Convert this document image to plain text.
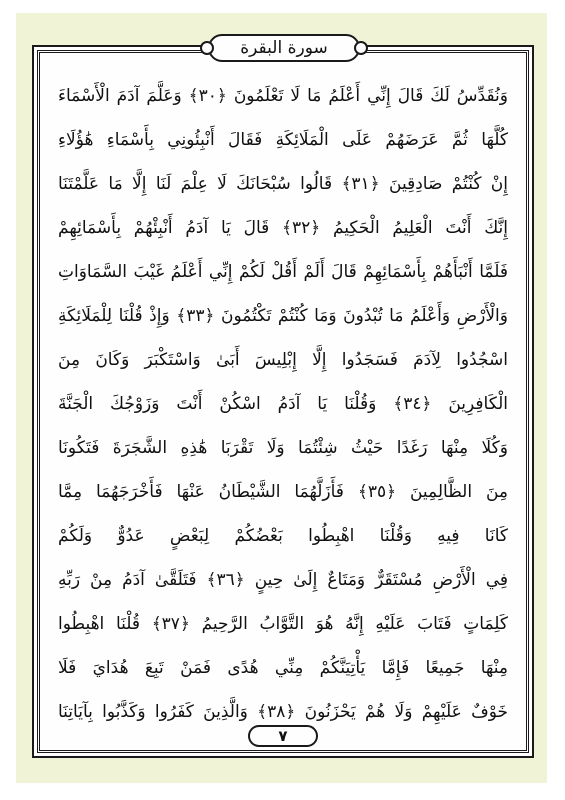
سورة البقرة
وَنُقَدِّسُ لَكَ قَالَ إِنِّي أَعْلَمُ مَا لَا تَعْلَمُونَ ﴿٣٠﴾ وَعَلَّمَ آدَمَ الْأَسْمَاءَ
كُلَّهَا ثُمَّ عَرَضَهُمْ عَلَى الْمَلَائِكَةِ فَقَالَ أَنْبِئُونِي بِأَسْمَاءِ هَٰؤُلَاءِ
إِنْ كُنْتُمْ صَادِقِينَ ﴿٣١﴾ قَالُوا سُبْحَانَكَ لَا عِلْمَ لَنَا إِلَّا مَا عَلَّمْتَنَا
إِنَّكَ أَنْتَ الْعَلِيمُ الْحَكِيمُ ﴿٣٢﴾ قَالَ يَا آدَمُ أَنْبِئْهُمْ بِأَسْمَائِهِمْ
فَلَمَّا أَنْبَأَهُمْ بِأَسْمَائِهِمْ قَالَ أَلَمْ أَقُلْ لَكُمْ إِنِّي أَعْلَمُ غَيْبَ السَّمَاوَاتِ
وَالْأَرْضِ وَأَعْلَمُ مَا تُبْدُونَ وَمَا كُنْتُمْ تَكْتُمُونَ ﴿٣٣﴾ وَإِذْ قُلْنَا لِلْمَلَائِكَةِ
اسْجُدُوا لِآدَمَ فَسَجَدُوا إِلَّا إِبْلِيسَ أَبَىٰ وَاسْتَكْبَرَ وَكَانَ مِنَ
الْكَافِرِينَ ﴿٣٤﴾ وَقُلْنَا يَا آدَمُ اسْكُنْ أَنْتَ وَزَوْجُكَ الْجَنَّةَ
وَكُلَا مِنْهَا رَغَدًا حَيْثُ شِئْتُمَا وَلَا تَقْرَبَا هَٰذِهِ الشَّجَرَةَ فَتَكُونَا
مِنَ الظَّالِمِينَ ﴿٣٥﴾ فَأَزَلَّهُمَا الشَّيْطَانُ عَنْهَا فَأَخْرَجَهُمَا مِمَّا
كَانَا فِيهِ وَقُلْنَا اهْبِطُوا بَعْضُكُمْ لِبَعْضٍ عَدُوٌّ وَلَكُمْ
فِي الْأَرْضِ مُسْتَقَرٌّ وَمَتَاعٌ إِلَىٰ حِينٍ ﴿٣٦﴾ فَتَلَقَّىٰ آدَمُ مِنْ رَبِّهِ
كَلِمَاتٍ فَتَابَ عَلَيْهِ إِنَّهُ هُوَ التَّوَّابُ الرَّحِيمُ ﴿٣٧﴾ قُلْنَا اهْبِطُوا
مِنْهَا جَمِيعًا فَإِمَّا يَأْتِيَنَّكُمْ مِنِّي هُدًى فَمَنْ تَبِعَ هُدَايَ فَلَا
خَوْفٌ عَلَيْهِمْ وَلَا هُمْ يَحْزَنُونَ ﴿٣٨﴾ وَالَّذِينَ كَفَرُوا وَكَذَّبُوا بِآيَاتِنَا
٧
